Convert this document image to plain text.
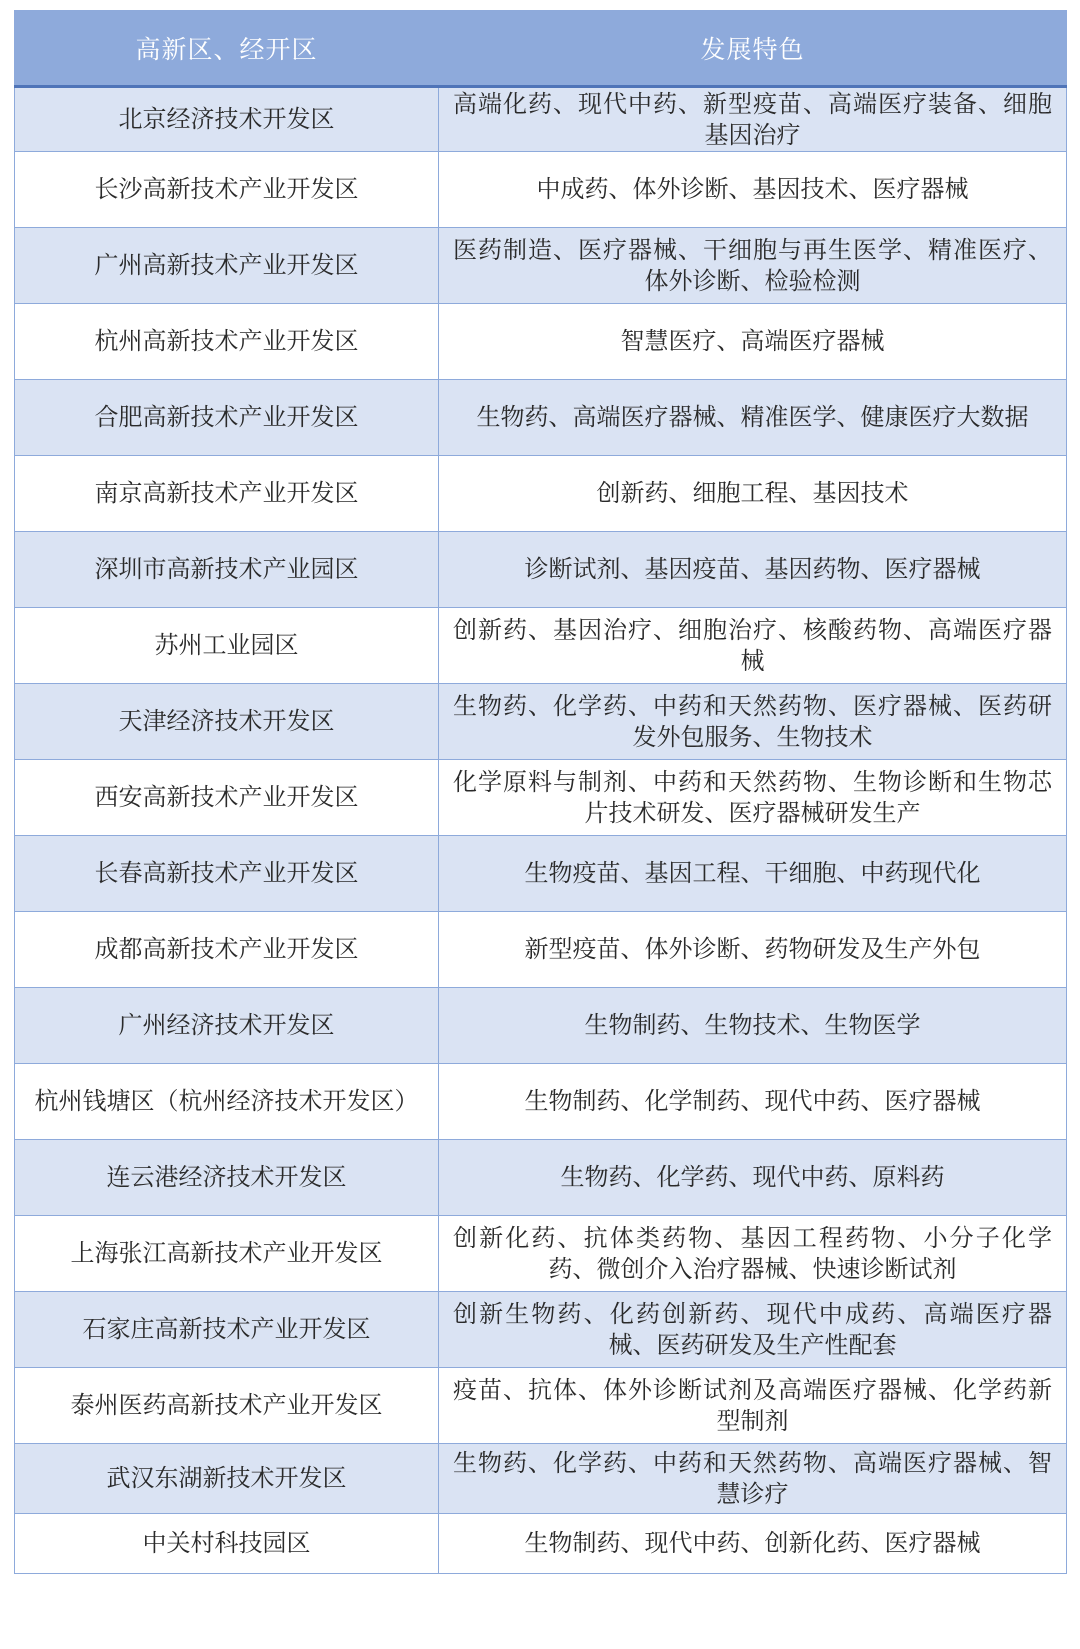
高新区、经开区	发展特色
北京经济技术开发区	高端化药、现代中药、新型疫苗、高端医疗装备、细胞基因治疗
长沙高新技术产业开发区	中成药、体外诊断、基因技术、医疗器械
广州高新技术产业开发区	医药制造、医疗器械、干细胞与再生医学、精准医疗、体外诊断、检验检测
杭州高新技术产业开发区	智慧医疗、高端医疗器械
合肥高新技术产业开发区	生物药、高端医疗器械、精准医学、健康医疗大数据
南京高新技术产业开发区	创新药、细胞工程、基因技术
深圳市高新技术产业园区	诊断试剂、基因疫苗、基因药物、医疗器械
苏州工业园区	创新药、基因治疗、细胞治疗、核酸药物、高端医疗器械
天津经济技术开发区	生物药、化学药、中药和天然药物、医疗器械、医药研发外包服务、生物技术
西安高新技术产业开发区	化学原料与制剂、中药和天然药物、生物诊断和生物芯片技术研发、医疗器械研发生产
长春高新技术产业开发区	生物疫苗、基因工程、干细胞、中药现代化
成都高新技术产业开发区	新型疫苗、体外诊断、药物研发及生产外包
广州经济技术开发区	生物制药、生物技术、生物医学
杭州钱塘区（杭州经济技术开发区）	生物制药、化学制药、现代中药、医疗器械
连云港经济技术开发区	生物药、化学药、现代中药、原料药
上海张江高新技术产业开发区	创新化药、抗体类药物、基因工程药物、小分子化学药、微创介入治疗器械、快速诊断试剂
石家庄高新技术产业开发区	创新生物药、化药创新药、现代中成药、高端医疗器械、医药研发及生产性配套
泰州医药高新技术产业开发区	疫苗、抗体、体外诊断试剂及高端医疗器械、化学药新型制剂
武汉东湖新技术开发区	生物药、化学药、中药和天然药物、高端医疗器械、智慧诊疗
中关村科技园区	生物制药、现代中药、创新化药、医疗器械
